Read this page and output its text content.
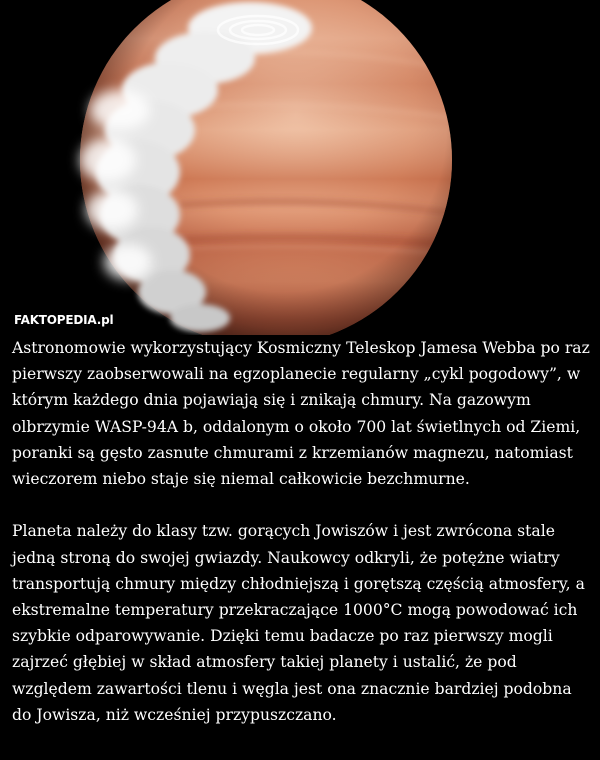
FAKTOPEDIA.pl

Astronomowie wykorzystujący Kosmiczny Teleskop Jamesa Webba po raz pierwszy zaobserwowali na egzoplanecie regularny „cykl pogodowy”, w którym każdego dnia pojawiają się i znikają chmury. Na gazowym olbrzymie WASP-94A b, oddalonym o około 700 lat świetlnych od Ziemi, poranki są gęsto zasnute chmurami z krzemianów magnezu, natomiast wieczorem niebo staje się niemal całkowicie bezchmurne.

Planeta należy do klasy tzw. gorących Jowiszów i jest zwrócona stale jedną stroną do swojej gwiazdy. Naukowcy odkryli, że potężne wiatry transportują chmury między chłodniejszą i gorętszą częścią atmosfery, a ekstremalne temperatury przekraczające 1000°C mogą powodować ich szybkie odparowywanie. Dzięki temu badacze po raz pierwszy mogli zajrzeć głębiej w skład atmosfery takiej planety i ustalić, że pod względem zawartości tlenu i węgla jest ona znacznie bardziej podobna do Jowisza, niż wcześniej przypuszczano.
